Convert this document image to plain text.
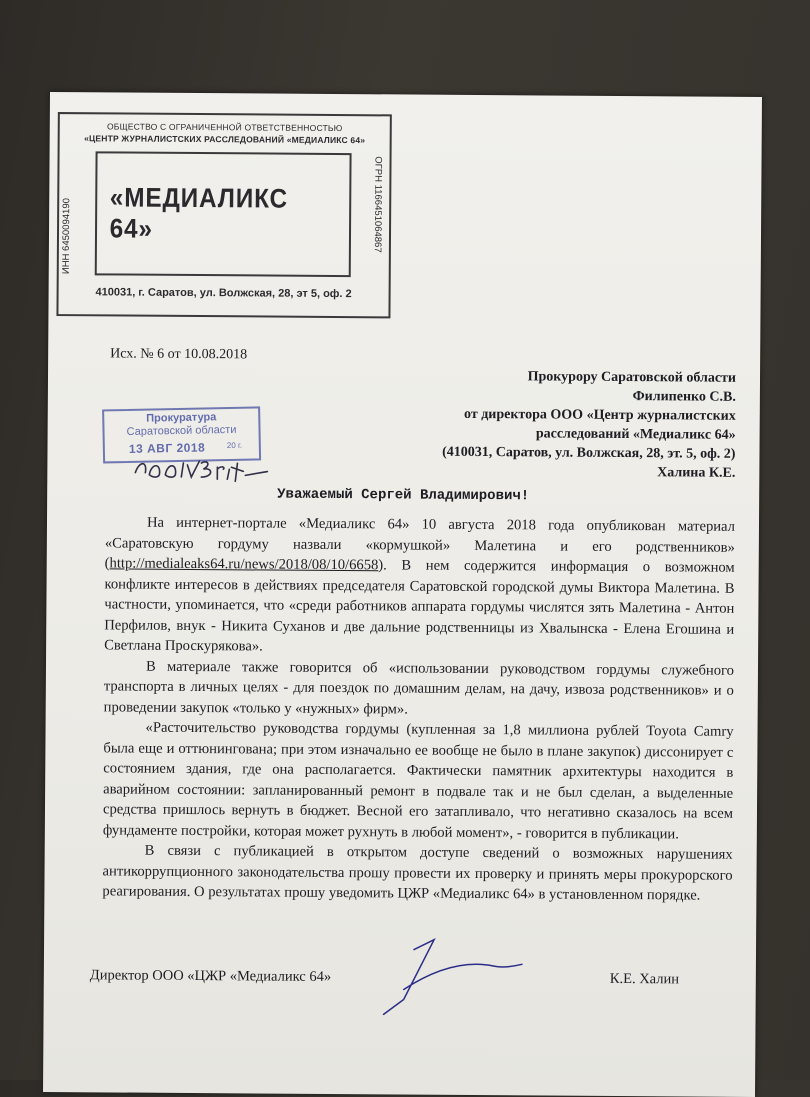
ОБЩЕСТВО С ОГРАНИЧЕННОЙ ОТВЕТСТВЕННОСТЬЮ
«ЦЕНТР ЖУРНАЛИСТСКИХ РАССЛЕДОВАНИЙ «МЕДИАЛИКС 64»
«МЕДИАЛИКС 64»
ИНН 6450094190	ОГРН 1166451064867
410031, г. Саратов, ул. Волжская, 28, эт 5, оф. 2
Исх. № 6 от 10.08.2018
Прокурору Саратовской области
Филипенко С.В.
от директора ООО «Центр журналистских
расследований «Медиаликс 64»
(410031, Саратов, ул. Волжская, 28, эт. 5, оф. 2)
Халина К.Е.
Прокуратура
Саратовской области
13 АВГ 2018	20 г.
Уважаемый Сергей Владимирович!

На интернет-портале «Медиаликс 64» 10 августа 2018 года опубликован материал «Саратовскую гордуму назвали «кормушкой» Малетина и его родственников» (http://medialeaks64.ru/news/2018/08/10/6658). В нем содержится информация о возможном конфликте интересов в действиях председателя Саратовской городской думы Виктора Малетина. В частности, упоминается, что «среди работников аппарата гордумы числятся зять Малетина - Антон Перфилов, внук - Никита Суханов и две дальние родственницы из Хвалынска - Елена Егошина и Светлана Проскурякова».

В материале также говорится об «использовании руководством гордумы служебного транспорта в личных целях - для поездок по домашним делам, на дачу, извоза родственников» и о проведении закупок «только у «нужных» фирм».

«Расточительство руководства гордумы (купленная за 1,8 миллиона рублей Toyota Camry была еще и оттюнингована; при этом изначально ее вообще не было в плане закупок) диссонирует с состоянием здания, где она располагается. Фактически памятник архитектуры находится в аварийном состоянии: запланированный ремонт в подвале так и не был сделан, а выделенные средства пришлось вернуть в бюджет. Весной его затапливало, что негативно сказалось на всем фундаменте постройки, которая может рухнуть в любой момент», - говорится в публикации.

В связи с публикацией в открытом доступе сведений о возможных нарушениях антикоррупционного законодательства прошу провести их проверку и принять меры прокурорского реагирования. О результатах прошу уведомить ЦЖР «Медиаликс 64» в установленном порядке.

Директор ООО «ЦЖР «Медиаликс 64»	К.Е. Халин
